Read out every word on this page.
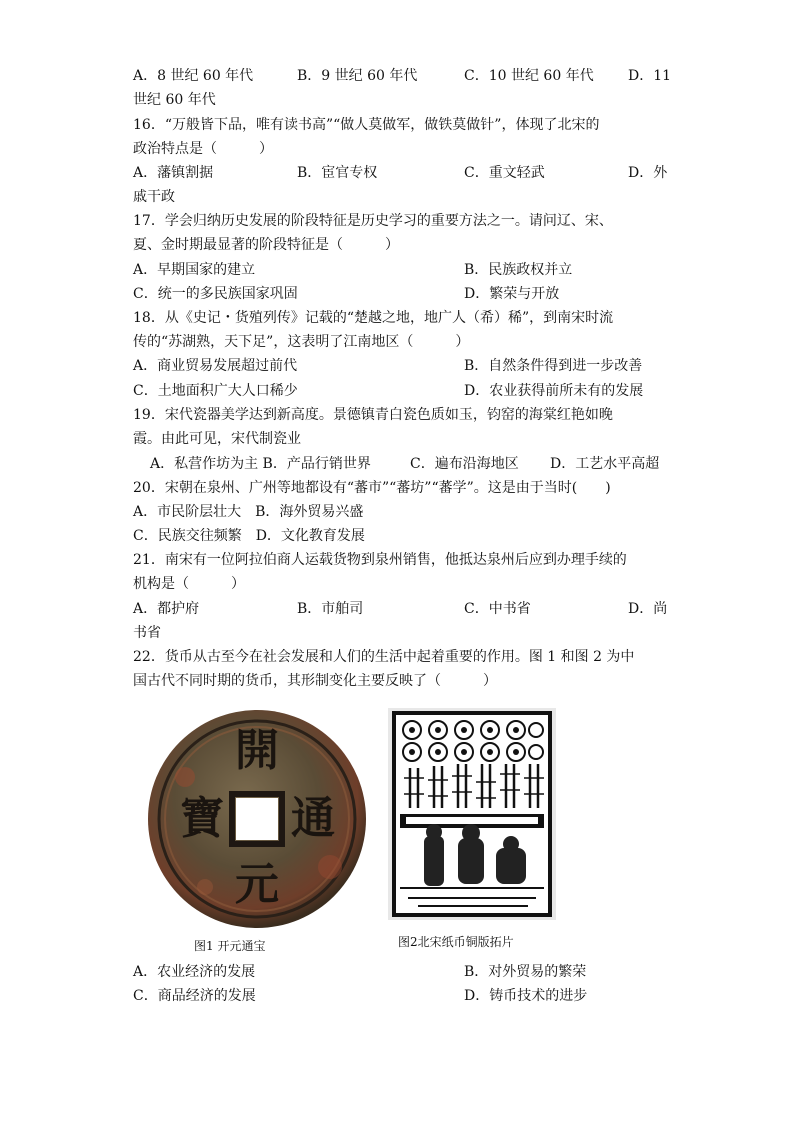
A．8 世纪 60 年代	B．9 世纪 60 年代	C．10 世纪 60 年代 D．11
世纪 60 年代
16．“万般皆下品，唯有读书高”“做人莫做军，做铁莫做针”，体现了北宋的
政治特点是（　　　）
A．藩镇割据	B．宦官专权	C．重文轻武	D．外
戚干政
17．学会归纳历史发展的阶段特征是历史学习的重要方法之一。请问辽、宋、
夏、金时期最显著的阶段特征是（　　　）
A．早期国家的建立	B．民族政权并立
C．统一的多民族国家巩固	D．繁荣与开放
18．从《史记・货殖列传》记载的“楚越之地，地广人（希）稀”，到南宋时流
传的“苏湖熟，天下足”，这表明了江南地区（　　　）
A．商业贸易发展超过前代	B．自然条件得到进一步改善
C．土地面积广大人口稀少	D．农业获得前所未有的发展
19．宋代瓷器美学达到新高度。景德镇青白瓷色质如玉，钧窑的海棠红艳如晚
霞。由此可见，宋代制瓷业
A．私营作坊为主 B．产品行销世界	C．遍布沿海地区 D．工艺水平高超
20．宋朝在泉州、广州等地都设有“蕃市”“蕃坊”“蕃学”。这是由于当时(　　)
A．市民阶层壮大　B．海外贸易兴盛
C．民族交往频繁　D．文化教育发展
21．南宋有一位阿拉伯商人运载货物到泉州销售，他抵达泉州后应到办理手续的
机构是（　　　）
A．都护府	B．市舶司	C．中书省	D．尚
书省
22．货币从古至今在社会发展和人们的生活中起着重要的作用。图 1 和图 2 为中
国古代不同时期的货币，其形制变化主要反映了（　　　）
開
通
元
寶
图1 开元通宝	图2北宋纸币铜版拓片
A．农业经济的发展	B．对外贸易的繁荣
C．商品经济的发展	D．铸币技术的进步
